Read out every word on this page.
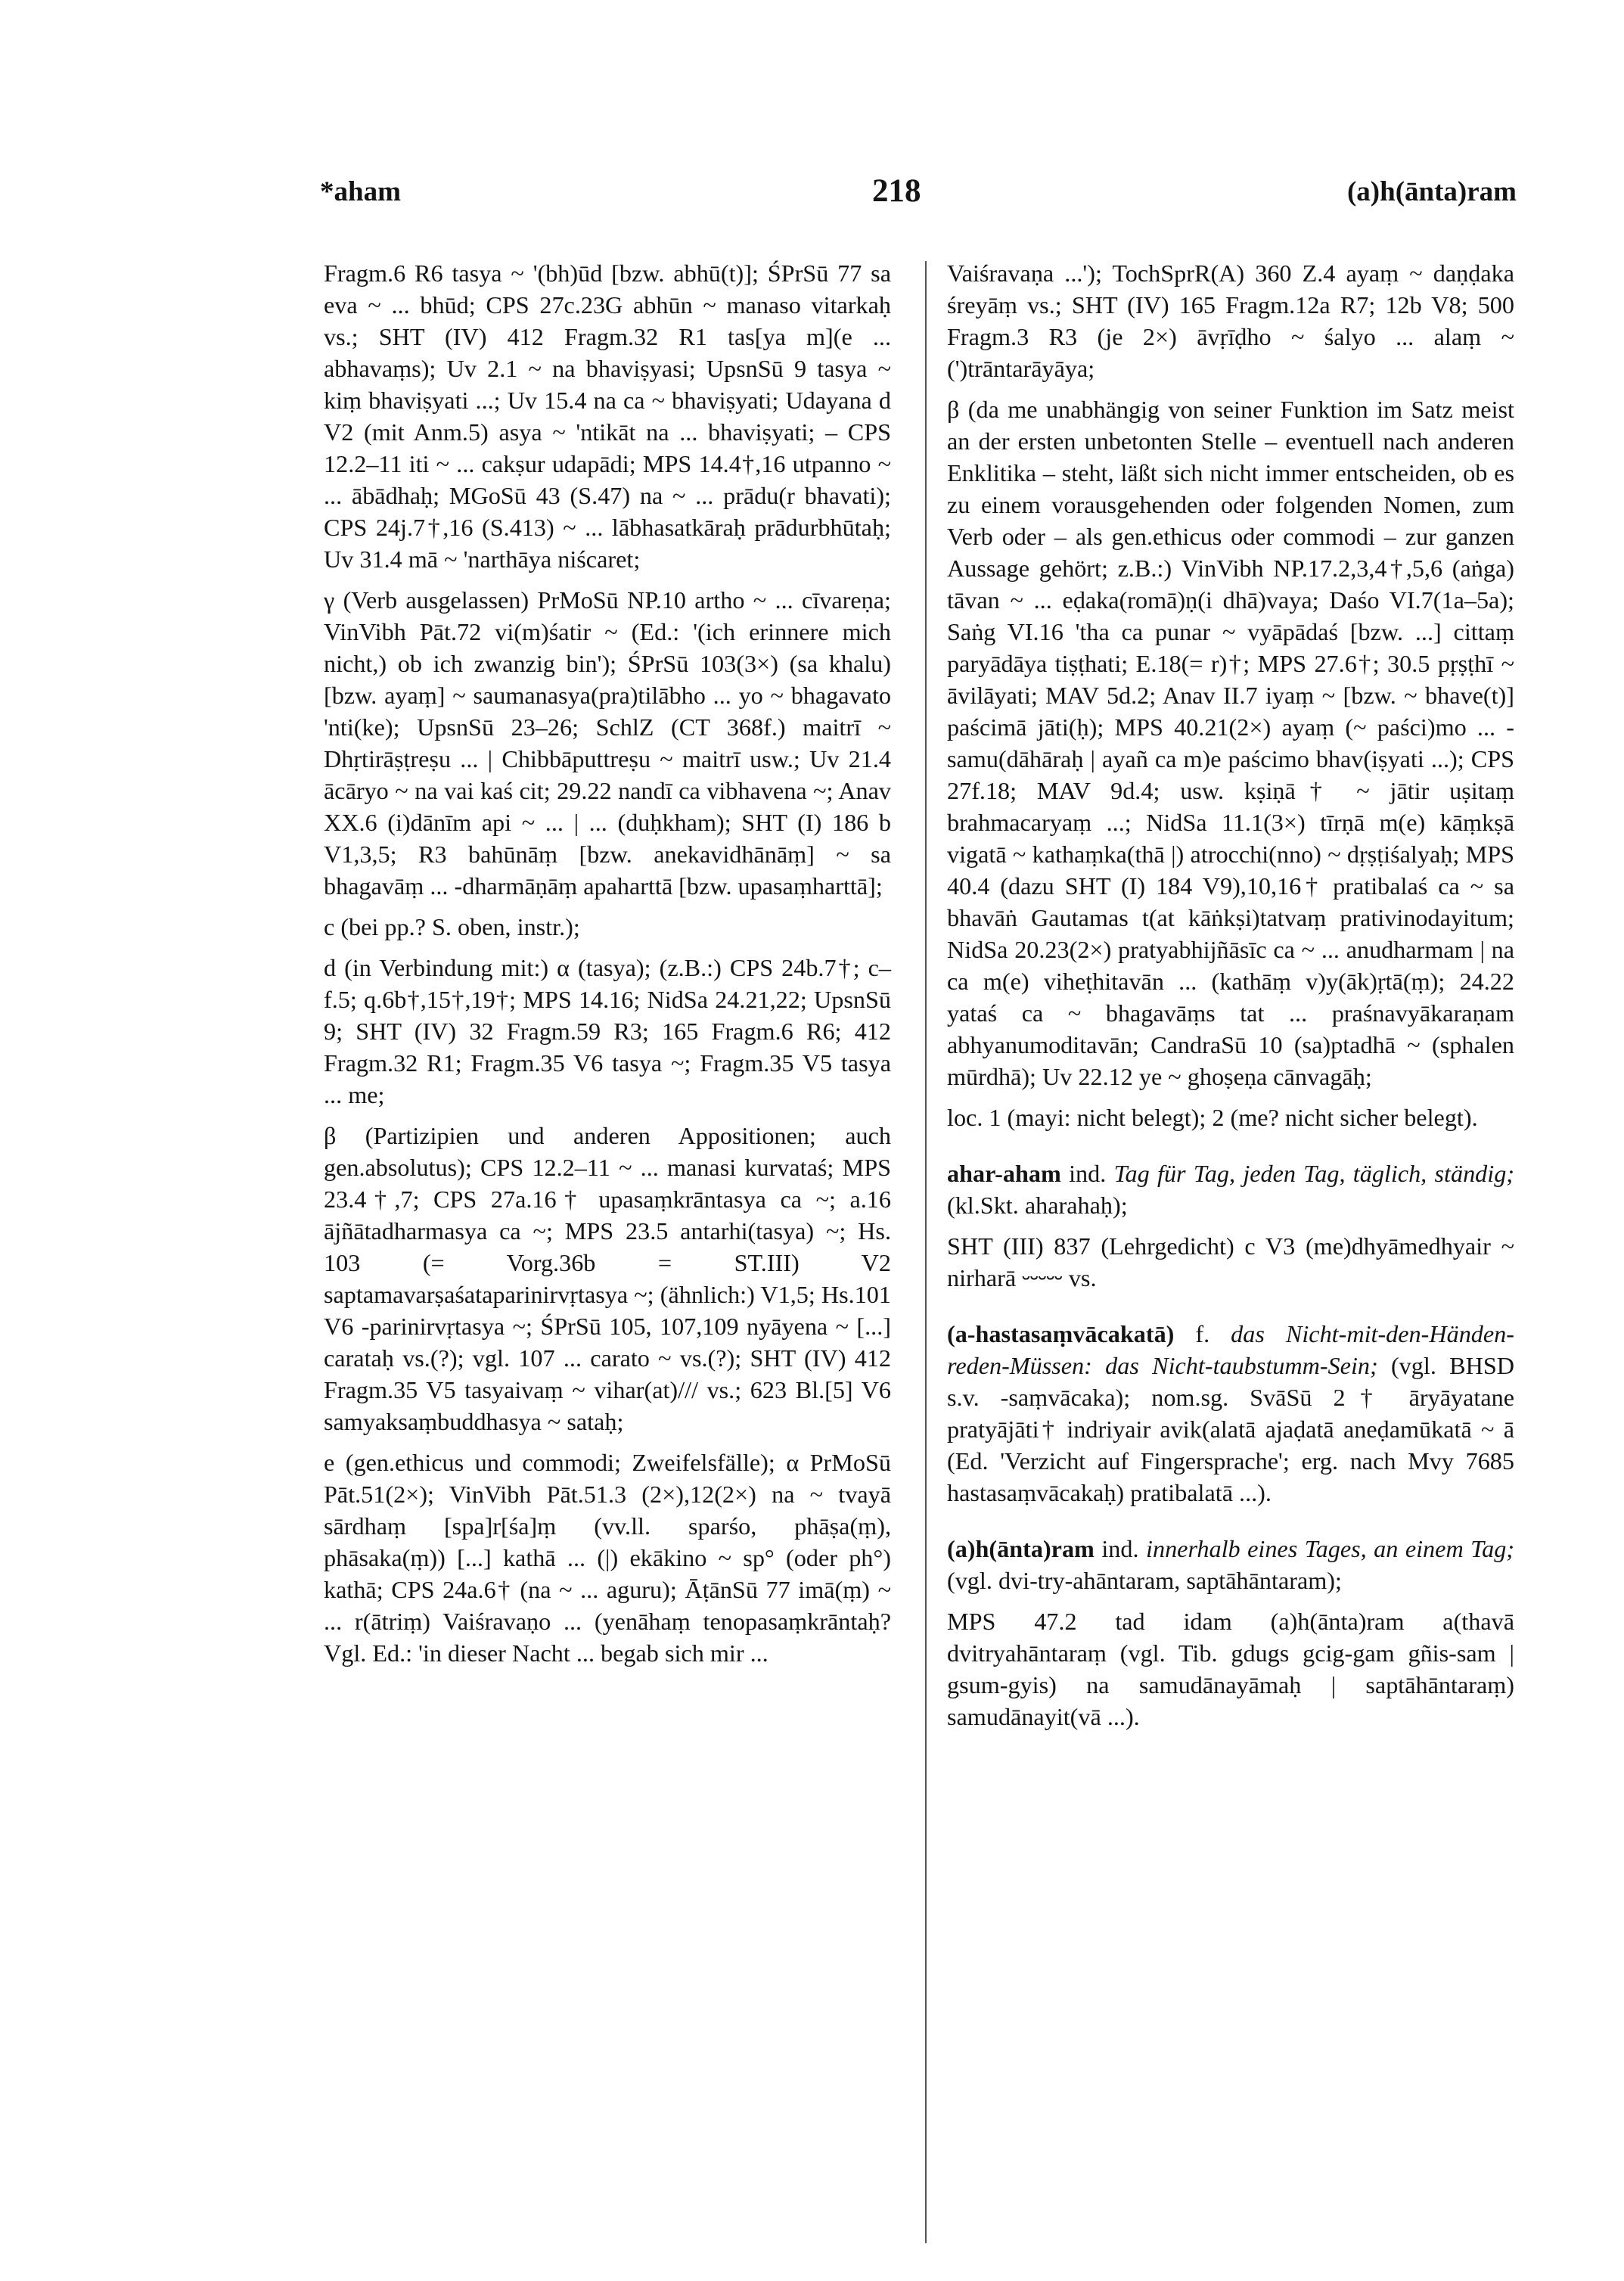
*aham	218	(a)h(ānta)ram

Fragm.6 R6 tasya ~ '(bh)ūd [bzw. abhū(t)]; ŚPrSū 77 sa eva ~ ... bhūd; CPS 27c.23G abhūn ~ manaso vitarkaḥ vs.; SHT (IV) 412 Fragm.32 R1 tas[ya m](e ... abhavaṃs); Uv 2.1 ~ na bhaviṣyasi; UpsnSū 9 tasya ~ kiṃ bhaviṣyati ...; Uv 15.4 na ca ~ bhaviṣyati; Udayana d V2 (mit Anm.5) asya ~ 'ntikāt na ... bhaviṣyati; – CPS 12.2–11 iti ~ ... cakṣur udapādi; MPS 14.4†,16 utpanno ~ ... ābādhaḥ; MGoSū 43 (S.47) na ~ ... prādu(r bhavati); CPS 24j.7†,16 (S.413) ~ ... lābhasatkāraḥ prādurbhūtaḥ; Uv 31.4 mā ~ 'narthāya niścaret;

γ (Verb ausgelassen) PrMoSū NP.10 artho ~ ... cīvareṇa; VinVibh Pāt.72 vi(m)śatir ~ (Ed.: '(ich erinnere mich nicht,) ob ich zwanzig bin'); ŚPrSū 103(3×) (sa khalu) [bzw. ayaṃ] ~ saumanasya(pra)tilābho ... yo ~ bhagavato 'nti(ke); UpsnSū 23–26; SchlZ (CT 368f.) maitrī ~ Dhṛtirāṣṭreṣu ... | Chibbāputtreṣu ~ maitrī usw.; Uv 21.4 ācāryo ~ na vai kaś cit; 29.22 nandī ca vibhavena ~; Anav XX.6 (i)dānīm api ~ ... | ... (duḥkham); SHT (I) 186 b V1,3,5; R3 bahūnāṃ [bzw. anekavidhānāṃ] ~ sa bhagavāṃ ... -dharmāṇāṃ apaharttā [bzw. upasaṃharttā];

c (bei pp.? S. oben, instr.);

d (in Verbindung mit:) α (tasya); (z.B.:) CPS 24b.7†; c–f.5; q.6b†,15†,19†; MPS 14.16; NidSa 24.21,22; UpsnSū 9; SHT (IV) 32 Fragm.59 R3; 165 Fragm.6 R6; 412 Fragm.32 R1; Fragm.35 V6 tasya ~; Fragm.35 V5 tasya ... me;

β (Partizipien und anderen Appositionen; auch gen.absolutus); CPS 12.2–11 ~ ... manasi kurvataś; MPS 23.4†,7; CPS 27a.16† upasaṃkrāntasya ca ~; a.16 ājñātadharmasya ca ~; MPS 23.5 antarhi(tasya) ~; Hs. 103 (= Vorg.36b = ST.III) V2 saptamavarṣaśataparinirvṛtasya ~; (ähnlich:) V1,5; Hs.101 V6 -parinirvṛtasya ~; ŚPrSū 105, 107,109 nyāyena ~ [...] carataḥ vs.(?); vgl. 107 ... carato ~ vs.(?); SHT (IV) 412 Fragm.35 V5 tasyaivaṃ ~ vihar(at)/// vs.; 623 Bl.[5] V6 samyaksaṃbuddhasya ~ sataḥ;

e (gen.ethicus und commodi; Zweifelsfälle); α PrMoSū Pāt.51(2×); VinVibh Pāt.51.3 (2×),12(2×) na ~ tvayā sārdhaṃ [spa]r[śa]ṃ (vv.ll. sparśo, phāṣa(ṃ), phāsaka(ṃ)) [...] kathā ... (|) ekākino ~ sp° (oder ph°) kathā; CPS 24a.6† (na ~ ... aguru); ĀṭānSū 77 imā(ṃ) ~ ... r(ātriṃ) Vaiśravaṇo ... (yenāhaṃ tenopasaṃkrāntaḥ? Vgl. Ed.: 'in dieser Nacht ... begab sich mir ...

Vaiśravaṇa ...'); TochSprR(A) 360 Z.4 ayaṃ ~ daṇḍaka śreyāṃ vs.; SHT (IV) 165 Fragm.12a R7; 12b V8; 500 Fragm.3 R3 (je 2×) āvṛīḍho ~ śalyo ... alaṃ ~ (')trāntarāyāya;

β (da me unabhängig von seiner Funktion im Satz meist an der ersten unbetonten Stelle – eventuell nach anderen Enklitika – steht, läßt sich nicht immer entscheiden, ob es zu einem vorausgehenden oder folgenden Nomen, zum Verb oder – als gen.ethicus oder commodi – zur ganzen Aussage gehört; z.B.:) VinVibh NP.17.2,3,4†,5,6 (aṅga) tāvan ~ ... eḍaka(romā)ṇ(i dhā)vaya; Daśo VI.7(1a–5a); Saṅg VI.16 'tha ca punar ~ vyāpādaś [bzw. ...] cittaṃ paryādāya tiṣṭhati; E.18(= r)†; MPS 27.6†; 30.5 pṛṣṭhī ~ āvilāyati; MAV 5d.2; Anav II.7 iyaṃ ~ [bzw. ~ bhave(t)] paścimā jāti(ḥ); MPS 40.21(2×) ayaṃ (~ paści)mo ... -samu(dāhāraḥ | ayañ ca m)e paścimo bhav(iṣyati ...); CPS 27f.18; MAV 9d.4; usw. kṣiṇā† ~ jātir uṣitaṃ brahmacaryaṃ ...; NidSa 11.1(3×) tīrṇā m(e) kāṃkṣā vigatā ~ kathaṃka(thā |) atrocchi(nno) ~ dṛṣṭiśalyaḥ; MPS 40.4 (dazu SHT (I) 184 V9),10,16† pratibalaś ca ~ sa bhavāṅ Gautamas t(at kāṅkṣi)tatvaṃ prativinodayitum; NidSa 20.23(2×) pratyabhijñāsīc ca ~ ... anudharmam | na ca m(e) viheṭhitavān ... (kathāṃ v)y(āk)ṛtā(ṃ); 24.22 yataś ca ~ bhagavāṃs tat ... praśnavyākaraṇam abhyanumoditavān; CandraSū 10 (sa)ptadhā ~ (sphalen mūrdhā); Uv 22.12 ye ~ ghoṣeṇa cānvagāḥ;

loc. 1 (mayi: nicht belegt); 2 (me? nicht sicher belegt).

ahar-aham ind. Tag für Tag, jeden Tag, täglich, ständig; (kl.Skt. aharahaḥ);

SHT (III) 837 (Lehrgedicht) c V3 (me)dhyāmedhyair ~ nirharā ⏑⏑⏑⏑⏑ vs.

(a-hastasaṃvācakatā) f. das Nicht-mit-den-Händen-reden-Müssen: das Nicht-taubstumm-Sein; (vgl. BHSD s.v. -saṃvācaka); nom.sg. SvāSū 2† āryāyatane pratyājāti† indriyair avik(alatā ajaḍatā aneḍamūkatā ~ ā (Ed. 'Verzicht auf Fingersprache'; erg. nach Mvy 7685 hastasaṃvācakaḥ) pratibalatā ...).

(a)h(ānta)ram ind. innerhalb eines Tages, an einem Tag; (vgl. dvi-try-ahāntaram, saptāhāntaram);

MPS 47.2 tad idam (a)h(ānta)ram a(thavā dvitryahāntaraṃ (vgl. Tib. gdugs gcig-gam gñis-sam | gsum-gyis) na samudānayāmaḥ | saptāhāntaraṃ) samudānayit(vā ...).
